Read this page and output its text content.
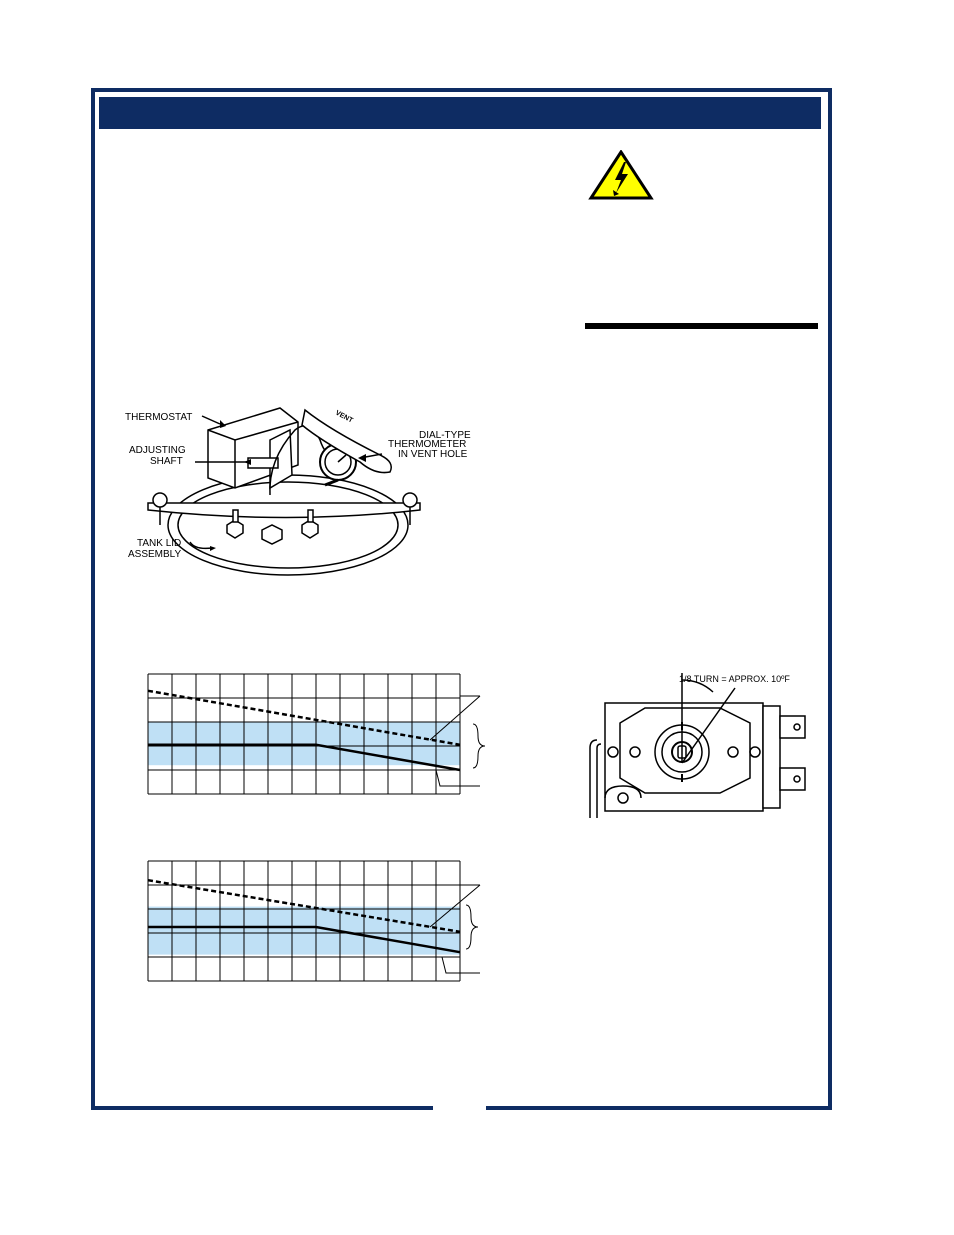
VENT
THERMOSTAT
ADJUSTING
SHAFT
DIAL-TYPE
THERMOMETER
IN VENT HOLE
TANK LID
ASSEMBLY
1/8 TURN = APPROX. 10ºF
